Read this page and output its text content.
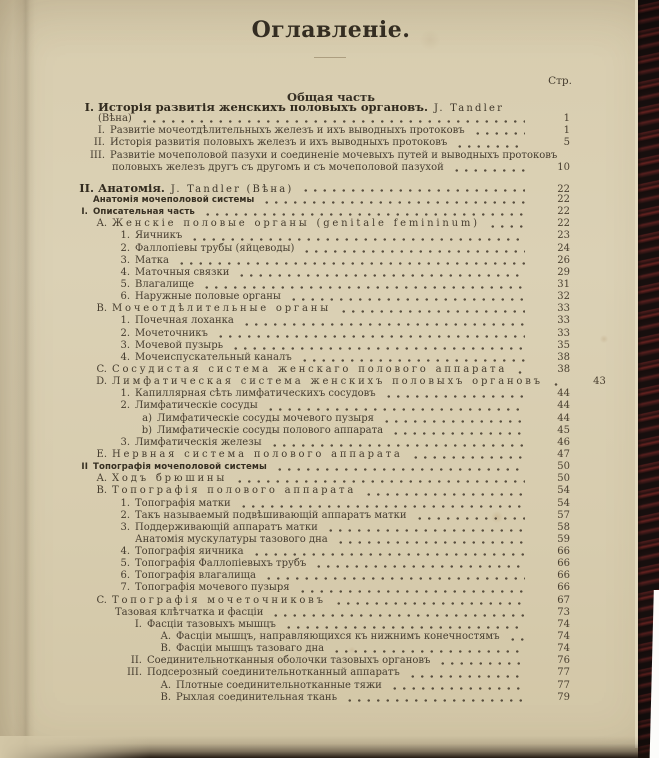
Оглавленіе.
Стр.
Общая часть
I. Исторія развитія женскихъ половыхъ органовъ. J. Tandler
(Вѣна)	1
I. Развитіе мочеотдѣлительныхъ железъ и ихъ выводныхъ протоковъ	1
II. Исторія развитія половыхъ железъ и ихъ выводныхъ протоковъ	5
III. Развитіе мочеполовой пазухи и соединеніе мочевыхъ путей и выводныхъ протоковъ
половыхъ железъ другъ съ другомъ и съ мочеполовой пазухой	10
II. Анатомія. J. Tandler (Вѣна)	22
Анатомія мочеполовой системы	22
I. Описательная часть	22
A. Женскіе половые органы (genitale femininum)	22
1. Яичникъ	23
2. Фаллопіевы трубы (яйцеводы)	24
3. Матка	26
4. Маточныя связки	29
5. Влагалище	31
6. Наружные половые органы	32
B. Мочеотдѣлительные органы	33
1. Почечная лоханка	33
2. Мочеточникъ	33
3. Мочевой пузырь	35
4. Мочеиспускательный каналъ	38
C. Сосудистая система женскаго полового аппарата	38
D. Лимфатическая система женскихъ половыхъ органовъ	43
1. Капиллярная сѣть лимфатическихъ сосудовъ	44
2. Лимфатическіе сосуды	44
a) Лимфатическіе сосуды мочевого пузыря	44
b) Лимфатическіе сосуды полового аппарата	45
3. Лимфатическія железы	46
E. Нервная система полового аппарата	47
II Топографія мочеполовой системы	50
A. Ходъ брюшины	50
B. Топографія полового аппарата	54
1. Топографія матки	54
2. Такъ называемый подвѣшивающій аппаратъ матки	57
3. Поддерживающій аппаратъ матки	58
Анатомія мускулатуры тазового дна	59
4. Топографія яичника	66
5. Топографія Фаллопіевыхъ трубъ	66
6. Топографія влагалища	66
7. Топографія мочевого пузыря	66
C. Топографія мочеточниковъ	67
Тазовая клѣтчатка и фасціи	73
I. Фасціи тазовыхъ мышцъ	74
A. Фасціи мышцъ, направляющихся къ нижнимъ конечностямъ	74
B. Фасціи мышцъ тазоваго дна	74
II. Соединительнотканныя оболочки тазовыхъ органовъ	76
III. Подсерозный соединительнотканный аппаратъ	77
A. Плотные соединительнотканные тяжи	77
B. Рыхлая соединительная ткань	79
